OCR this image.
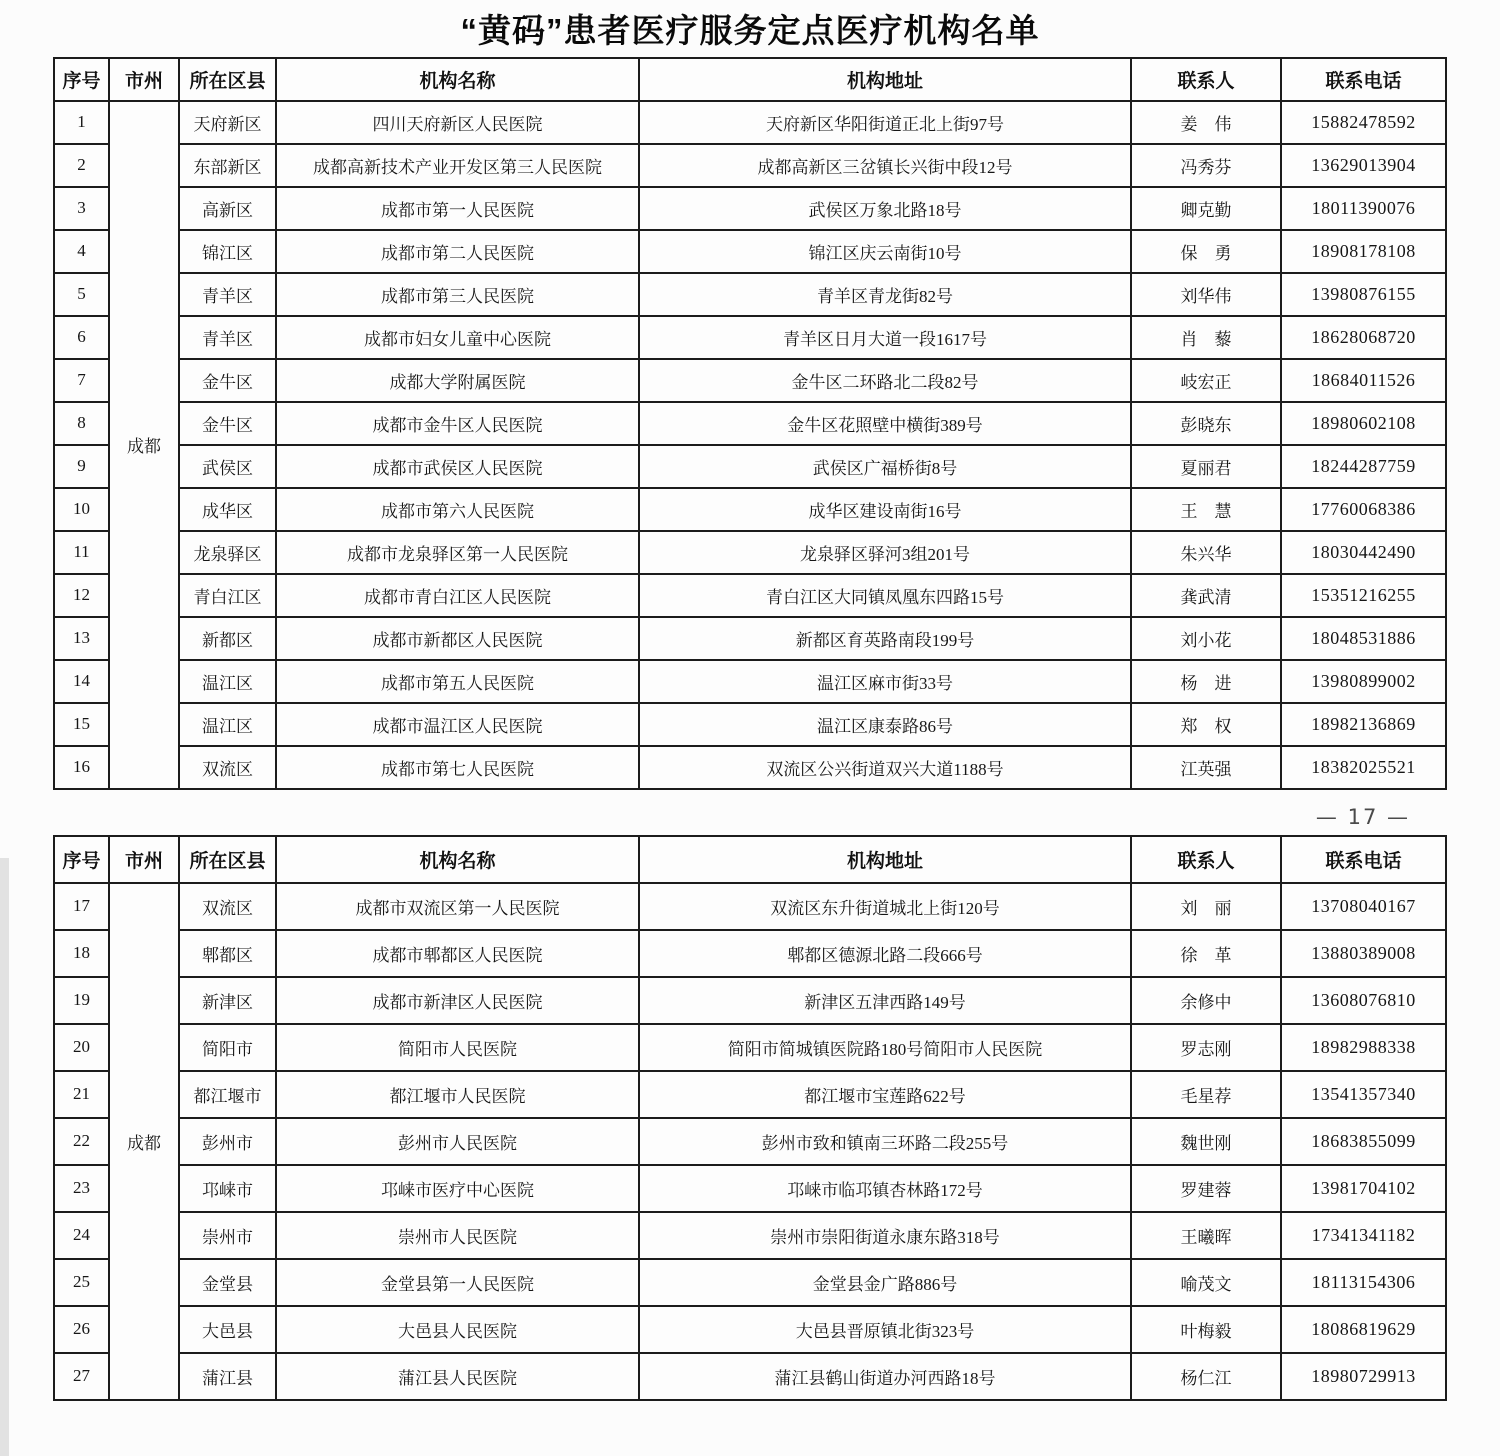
“黄码”患者医疗服务定点医疗机构名单
序号	市州	所在区县	机构名称	机构地址	联系人	联系电话
1	成都	天府新区	四川天府新区人民医院	天府新区华阳街道正北上街97号	姜　伟	15882478592
2		东部新区	成都高新技术产业开发区第三人民医院	成都高新区三岔镇长兴街中段12号	冯秀芬	13629013904
3		高新区	成都市第一人民医院	武侯区万象北路18号	卿克勤	18011390076
4		锦江区	成都市第二人民医院	锦江区庆云南街10号	保　勇	18908178108
5		青羊区	成都市第三人民医院	青羊区青龙街82号	刘华伟	13980876155
6		青羊区	成都市妇女儿童中心医院	青羊区日月大道一段1617号	肖　藜	18628068720
7		金牛区	成都大学附属医院	金牛区二环路北二段82号	岐宏正	18684011526
8		金牛区	成都市金牛区人民医院	金牛区花照壁中横街389号	彭晓东	18980602108
9		武侯区	成都市武侯区人民医院	武侯区广福桥街8号	夏丽君	18244287759
10		成华区	成都市第六人民医院	成华区建设南街16号	王　慧	17760068386
11		龙泉驿区	成都市龙泉驿区第一人民医院	龙泉驿区驿河3组201号	朱兴华	18030442490
12		青白江区	成都市青白江区人民医院	青白江区大同镇凤凰东四路15号	龚武清	15351216255
13		新都区	成都市新都区人民医院	新都区育英路南段199号	刘小花	18048531886
14		温江区	成都市第五人民医院	温江区麻市街33号	杨　进	13980899002
15		温江区	成都市温江区人民医院	温江区康泰路86号	郑　权	18982136869
16		双流区	成都市第七人民医院	双流区公兴街道双兴大道1188号	江英强	18382025521
— 17 —
序号	市州	所在区县	机构名称	机构地址	联系人	联系电话
17	成都	双流区	成都市双流区第一人民医院	双流区东升街道城北上街120号	刘　丽	13708040167
18		郫都区	成都市郫都区人民医院	郫都区德源北路二段666号	徐　革	13880389008
19		新津区	成都市新津区人民医院	新津区五津西路149号	余修中	13608076810
20		简阳市	简阳市人民医院	简阳市简城镇医院路180号简阳市人民医院	罗志刚	18982988338
21		都江堰市	都江堰市人民医院	都江堰市宝莲路622号	毛星荐	13541357340
22		彭州市	彭州市人民医院	彭州市致和镇南三环路二段255号	魏世刚	18683855099
23		邛崃市	邛崃市医疗中心医院	邛崃市临邛镇杏林路172号	罗建蓉	13981704102
24		崇州市	崇州市人民医院	崇州市崇阳街道永康东路318号	王曦晖	17341341182
25		金堂县	金堂县第一人民医院	金堂县金广路886号	喻茂文	18113154306
26		大邑县	大邑县人民医院	大邑县晋原镇北街323号	叶梅毅	18086819629
27		蒲江县	蒲江县人民医院	蒲江县鹤山街道办河西路18号	杨仁江	18980729913
